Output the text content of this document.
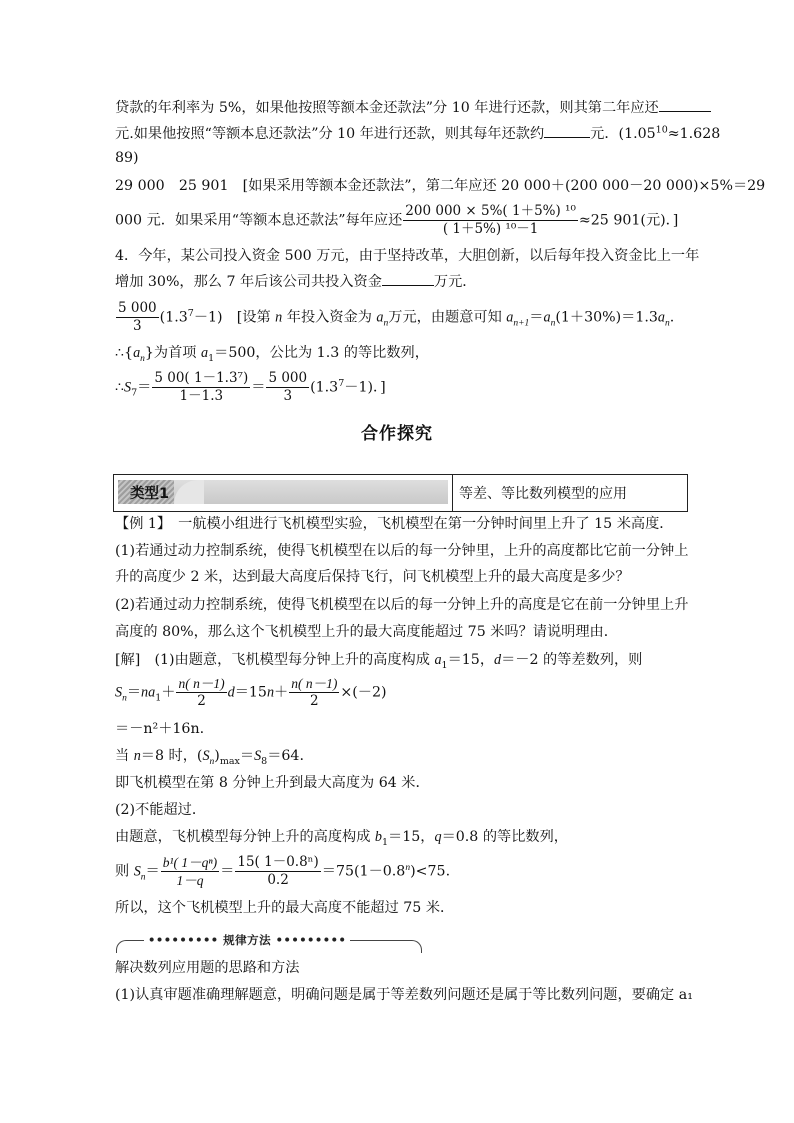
贷款的年利率为 5%，如果他按照等额本金还款法”分 10 年进行还款，则其第二年应还
元.如果他按照“等额本息还款法”分 10 年进行还款，则其每年还款约	元．($1.05^{10}\approx 1.628$
89)
29 000　25 901　[如果采用等额本金还款法”，第二年应还 20 000＋(200 000－20 000)×5%＝29
000 元．如果采用“等额本息还款法”每年应还 $\frac{\text{200 000 × 5\%( 1＋5\%) ¹⁰}}{\text{( 1＋5\%) ¹⁰－1}} \approx 25$ 901(元)．]
4．今年，某公司投入资金 500 万元，由于坚持改革，大胆创新，以后每年投入资金比上一年
增加 30%，那么 7 年后该公司共投入资金	万元．
$\frac{5 000}{3} (1.3^7-1)$　[设第 n 年投入资金为 $a_n$万元，由题意可知 $a_{n+1}=a_n(1+30\%)=1.3a_n$.
$\therefore\{a_n\}$为首项 $a_1=500$，公比为 1.3 的等比数列，
$\therefore S_7= \frac{\text{5 00( 1－1.3⁷)}}{1-1.3} = \frac{5 000}{3} (1.3^7-1)$．]
合作探究
类型1	等差、等比数列模型的应用
【例 1】　一航模小组进行飞机模型实验，飞机模型在第一分钟时间里上升了 15 米高度．
(1)若通过动力控制系统，使得飞机模型在以后的每一分钟里，上升的高度都比它前一分钟上
升的高度少 2 米，达到最大高度后保持飞行，问飞机模型上升的最大高度是多少？
(2)若通过动力控制系统，使得飞机模型在以后的每一分钟上升的高度是它在前一分钟里上升
高度的 80%，那么这个飞机模型上升的最大高度能超过 75 米吗？请说明理由．
[解]　(1)由题意，飞机模型每分钟上升的高度构成 $a_1=15$，d＝－2 的等差数列，则
$S_n=na_1+ \frac{n( n-1)}{2} d=15n+ \frac{n( n-1)}{2} \times(-2)$
＝－n²＋16n.
当 n＝8 时，$(S_n)_{max}=S_8=64$.
即飞机模型在第 8 分钟上升到最大高度为 64 米．
(2)不能超过．
由题意，飞机模型每分钟上升的高度构成 $b_1=15$，q＝0.8 的等比数列，
则 $S_n= \frac{\text{b¹( 1－qⁿ)}}{1-q} = \frac{\text{15( 1－0.8ⁿ)}}{0.2} =75(1-0.8^n)<75$.
所以，这个飞机模型上升的最大高度不能超过 75 米．
••••••••• 规律方法 •••••••••
解决数列应用题的思路和方法
(1)认真审题准确理解题意，明确问题是属于等差数列问题还是属于等比数列问题，要确定 a₁
